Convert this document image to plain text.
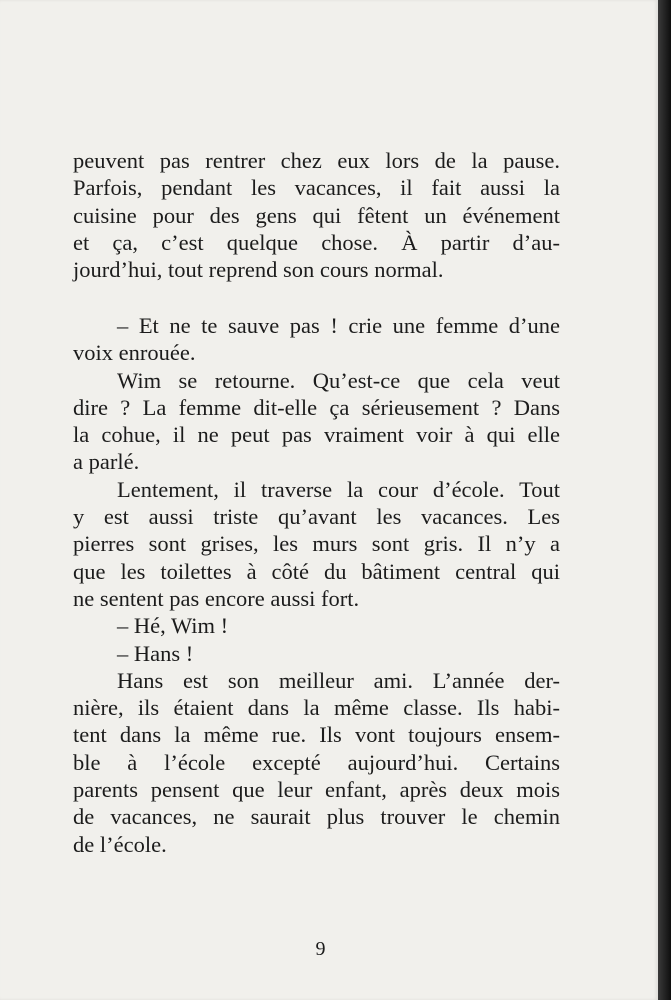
peuvent pas rentrer chez eux lors de la pause.
Parfois, pendant les vacances, il fait aussi la
cuisine pour des gens qui fêtent un événement
et ça, c’est quelque chose. À partir d’au-
jourd’hui, tout reprend son cours normal.
– Et ne te sauve pas ! crie une femme d’une
voix enrouée.
Wim se retourne. Qu’est-ce que cela veut
dire ? La femme dit-elle ça sérieusement ? Dans
la cohue, il ne peut pas vraiment voir à qui elle
a parlé.
Lentement, il traverse la cour d’école. Tout
y est aussi triste qu’avant les vacances. Les
pierres sont grises, les murs sont gris. Il n’y a
que les toilettes à côté du bâtiment central qui
ne sentent pas encore aussi fort.
– Hé, Wim !
– Hans !
Hans est son meilleur ami. L’année der-
nière, ils étaient dans la même classe. Ils habi-
tent dans la même rue. Ils vont toujours ensem-
ble à l’école excepté aujourd’hui. Certains
parents pensent que leur enfant, après deux mois
de vacances, ne saurait plus trouver le chemin
de l’école.
9
